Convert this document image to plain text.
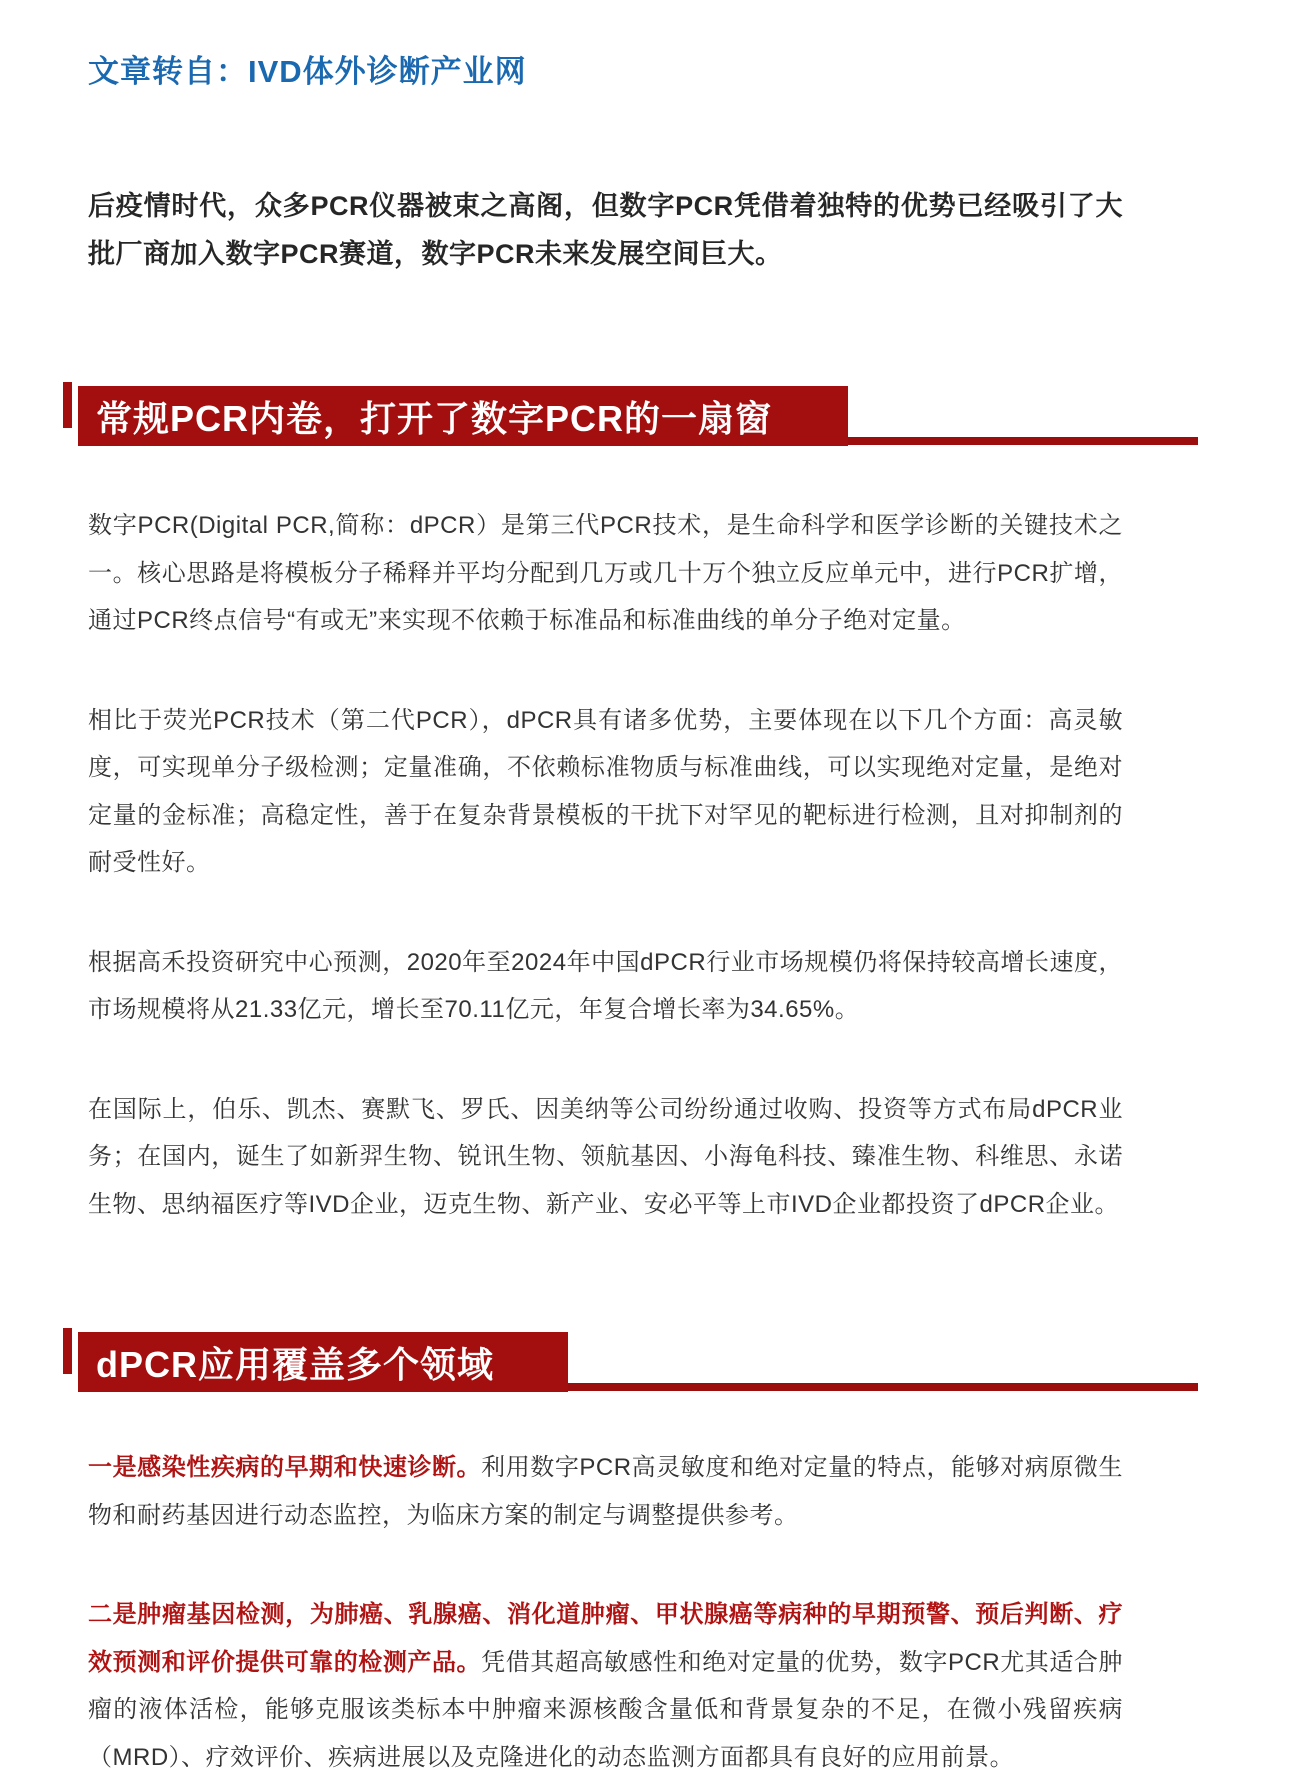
文章转自：IVD体外诊断产业网

后疫情时代，众多PCR仪器被束之高阁，但数字PCR凭借着独特的优势已经吸引了大批厂商加入数字PCR赛道，数字PCR未来发展空间巨大。

常规PCR内卷，打开了数字PCR的一扇窗

数字PCR(Digital PCR,简称：dPCR）是第三代PCR技术，是生命科学和医学诊断的关键技术之一。核心思路是将模板分子稀释并平均分配到几万或几十万个独立反应单元中，进行PCR扩增，通过PCR终点信号“有或无”来实现不依赖于标准品和标准曲线的单分子绝对定量。

相比于荧光PCR技术（第二代PCR），dPCR具有诸多优势，主要体现在以下几个方面：高灵敏度，可实现单分子级检测；定量准确，不依赖标准物质与标准曲线，可以实现绝对定量，是绝对定量的金标准；高稳定性，善于在复杂背景模板的干扰下对罕见的靶标进行检测，且对抑制剂的耐受性好。

根据高禾投资研究中心预测，2020年至2024年中国dPCR行业市场规模仍将保持较高增长速度，市场规模将从21.33亿元，增长至70.11亿元，年复合增长率为34.65%。

在国际上，伯乐、凯杰、赛默飞、罗氏、因美纳等公司纷纷通过收购、投资等方式布局dPCR业务；在国内，诞生了如新羿生物、锐讯生物、领航基因、小海龟科技、臻准生物、科维思、永诺生物、思纳福医疗等IVD企业，迈克生物、新产业、安必平等上市IVD企业都投资了dPCR企业。

dPCR应用覆盖多个领域

一是感染性疾病的早期和快速诊断。利用数字PCR高灵敏度和绝对定量的特点，能够对病原微生物和耐药基因进行动态监控，为临床方案的制定与调整提供参考。

二是肿瘤基因检测，为肺癌、乳腺癌、消化道肿瘤、甲状腺癌等病种的早期预警、预后判断、疗效预测和评价提供可靠的检测产品。凭借其超高敏感性和绝对定量的优势，数字PCR尤其适合肿瘤的液体活检，能够克服该类标本中肿瘤来源核酸含量低和背景复杂的不足，在微小残留疾病（MRD）、疗效评价、疾病进展以及克隆进化的动态监测方面都具有良好的应用前景。
